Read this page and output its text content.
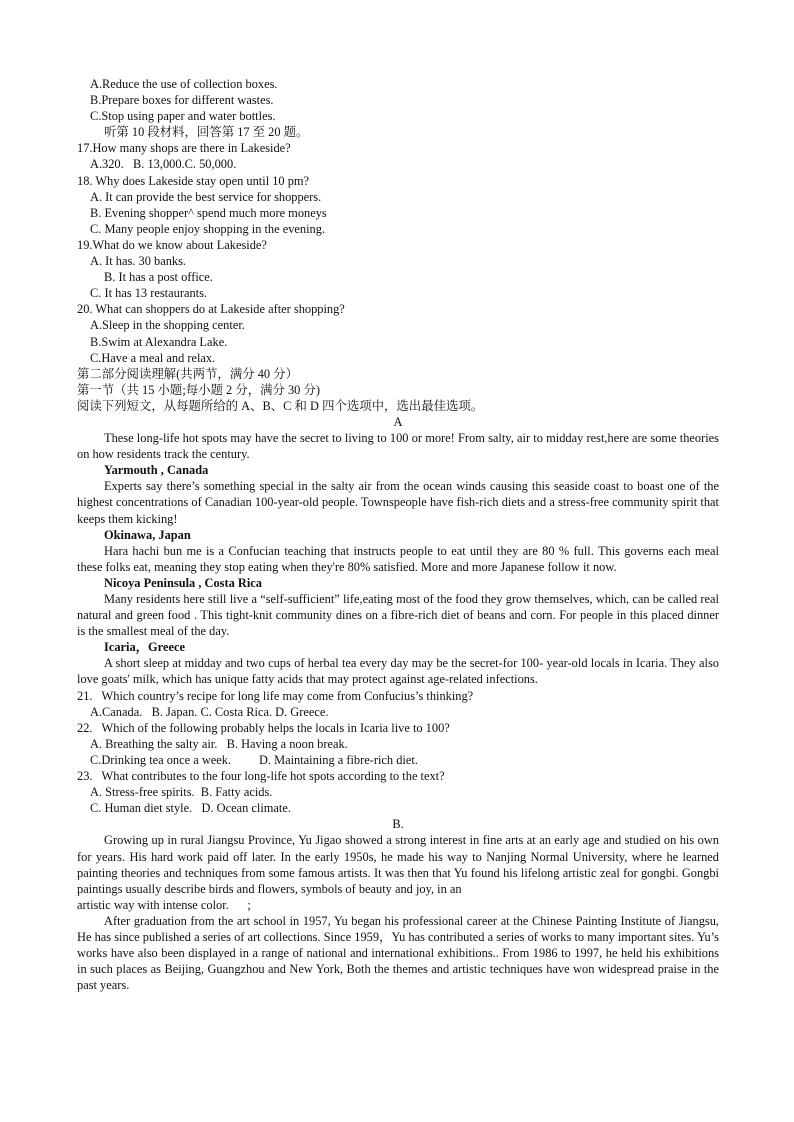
A.Reduce the use of collection boxes.
B.Prepare boxes for different wastes.
C.Stop using paper and water bottles.
听第 10 段材料，回答第 17 至 20 题。
17.How many shops are there in Lakeside?
A.320.   B. 13,000.C. 50,000.
18. Why does Lakeside stay open until 10 pm?
A. It can provide the best service for shoppers.
B. Evening shopper^ spend much more moneys
C. Many people enjoy shopping in the evening.
19.What do we know about Lakeside?
A. It has. 30 banks.
B. It has a post office.
C. It has 13 restaurants.
20. What can shoppers do at Lakeside after shopping?
A.Sleep in the shopping center.
B.Swim at Alexandra Lake.
C.Have a meal and relax.
第二部分阅读理解(共两节，满分 40 分）
第一节（共 15 小题;每小题 2 分，满分 30 分)
阅读下列短文，从每题所给的 A、B、C 和 D 四个选项中，选出最佳选项。
A
These long-life hot spots may have the secret to living to 100 or more! From salty, air to midday rest,here are some theories on how residents track the century.
Yarmouth , Canada
Experts say there’s something special in the salty air from the ocean winds causing this seaside coast to boast one of the highest concentrations of Canadian 100-year-old people. Townspeople have fish-rich diets and a stress-free community spirit that keeps them kicking!
Okinawa, Japan
Hara hachi bun me is a Confucian teaching that instructs people to eat until they are 80 % full. This governs each meal these folks eat, meaning they stop eating when they're 80% satisfied. More and more Japanese follow it now.
Nicoya Peninsula , Costa Rica
Many residents here still live a “self-sufficient” life,eating most of the food they grow themselves, which, can be called real natural and green food . This tight-knit community dines on a fibre-rich diet of beans and corn. For people in this placed dinner is the smallest meal of the day.
Icaria，Greece
A short sleep at midday and two cups of herbal tea every day may be the secret-for 100- year-old locals in Icaria. They also love goats' milk, which has unique fatty acids that may protect against age-related infections.
21.   Which country’s recipe for long life may come from Confucius’s thinking?
A.Canada.   B. Japan. C. Costa Rica. D. Greece.
22.   Which of the following probably helps the locals in Icaria live to 100?
A. Breathing the salty air.   B. Having a noon break.
C.Drinking tea once a week.         D. Maintaining a fibre-rich diet.
23.   What contributes to the four long-life hot spots according to the text?
A. Stress-free spirits.  B. Fatty acids.
C. Human diet style.   D. Ocean climate.
B.
Growing up in rural Jiangsu Province, Yu Jigao showed a strong interest in fine arts at an early age and studied on his own for years. His hard work paid off later. In the early 1950s, he made his way to Nanjing Normal University, where he learned painting theories and techniques from some famous artists. It was then that Yu found his lifelong artistic zeal for gongbi. Gongbi paintings usually describe birds and flowers, symbols of beauty and joy, in an
artistic way with intense color.      ;
After graduation from the art school in 1957, Yu began his professional career at the Chinese Painting Institute of Jiangsu, He has since published a series of art collections. Since 1959，Yu has contributed a series of works to many important sites. Yu’s works have also been displayed in a range of national and international exhibitions.. From 1986 to 1997, he held his exhibitions in such places as Beijing, Guangzhou and New York, Both the themes and artistic techniques have won widespread praise in the past years.
